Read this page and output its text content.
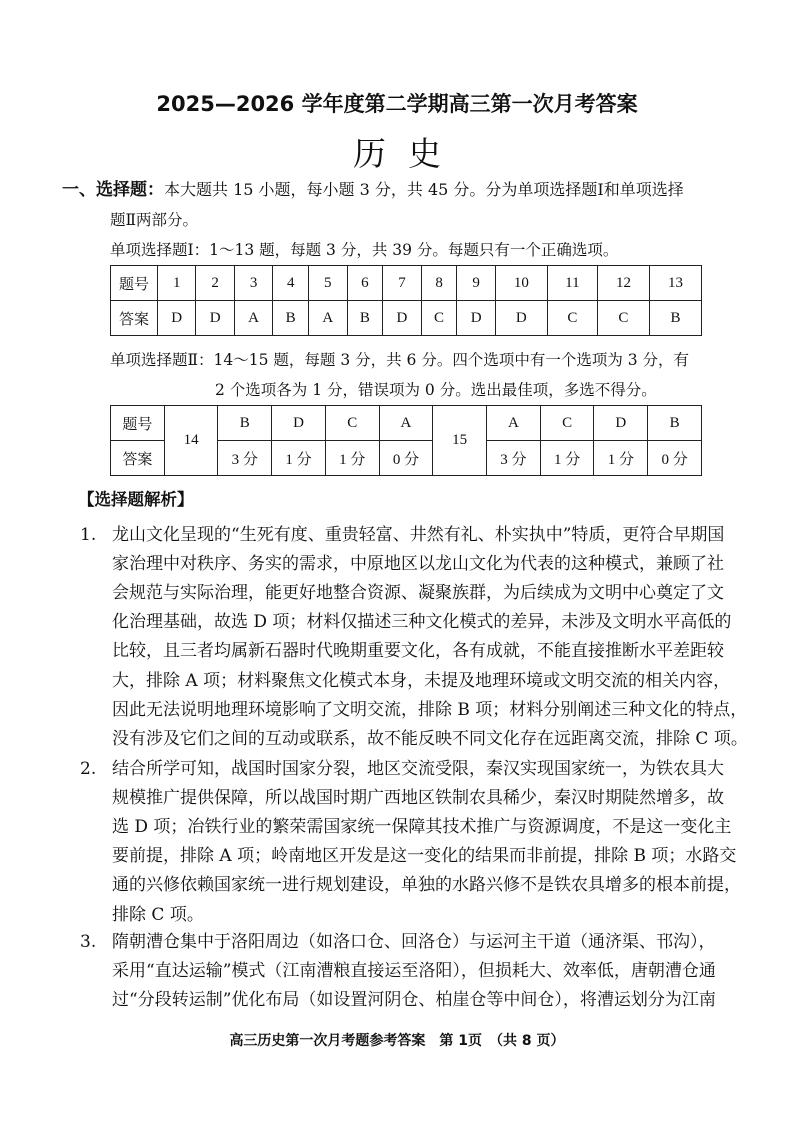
2025—2026 学年度第二学期高三第一次月考答案
历史
一、选择题：本大题共 15 小题，每小题 3 分，共 45 分。分为单项选择题Ⅰ和单项选择
题Ⅱ两部分。
单项选择题Ⅰ：1～13 题，每题 3 分，共 39 分。每题只有一个正确选项。
题号	1	2	3	4	5	6	7	8	9	10	11	12	13
答案	D	D	A	B	A	B	D	C	D	D	C	C	B
单项选择题Ⅱ：14～15 题，每题 3 分，共 6 分。四个选项中有一个选项为 3 分，有
2 个选项各为 1 分，错误项为 0 分。选出最佳项，多选不得分。
题号	14	B	D	C	A	15	A	C	D	B
答案		3 分	1 分	1 分	0 分		3 分	1 分	1 分	0 分
【选择题解析】
1. 龙山文化呈现的“生死有度、重贵轻富、井然有礼、朴实执中”特质，更符合早期国
家治理中对秩序、务实的需求，中原地区以龙山文化为代表的这种模式，兼顾了社
会规范与实际治理，能更好地整合资源、凝聚族群，为后续成为文明中心奠定了文
化治理基础，故选 D 项；材料仅描述三种文化模式的差异，未涉及文明水平高低的
比较，且三者均属新石器时代晚期重要文化，各有成就，不能直接推断水平差距较
大，排除 A 项；材料聚焦文化模式本身，未提及地理环境或文明交流的相关内容，
因此无法说明地理环境影响了文明交流，排除 B 项；材料分别阐述三种文化的特点，
没有涉及它们之间的互动或联系，故不能反映不同文化存在远距离交流，排除 C 项。
2. 结合所学可知，战国时国家分裂，地区交流受限，秦汉实现国家统一，为铁农具大
规模推广提供保障，所以战国时期广西地区铁制农具稀少，秦汉时期陡然增多，故
选 D 项；冶铁行业的繁荣需国家统一保障其技术推广与资源调度，不是这一变化主
要前提，排除 A 项；岭南地区开发是这一变化的结果而非前提，排除 B 项；水路交
通的兴修依赖国家统一进行规划建设，单独的水路兴修不是铁农具增多的根本前提，
排除 C 项。
3. 隋朝漕仓集中于洛阳周边（如洛口仓、回洛仓）与运河主干道（通济渠、邗沟），
采用“直达运输”模式（江南漕粮直接运至洛阳），但损耗大、效率低，唐朝漕仓通
过“分段转运制”优化布局（如设置河阴仓、柏崖仓等中间仓），将漕运划分为江南
高三历史第一次月考题参考答案　第 1页　（共 8 页）
